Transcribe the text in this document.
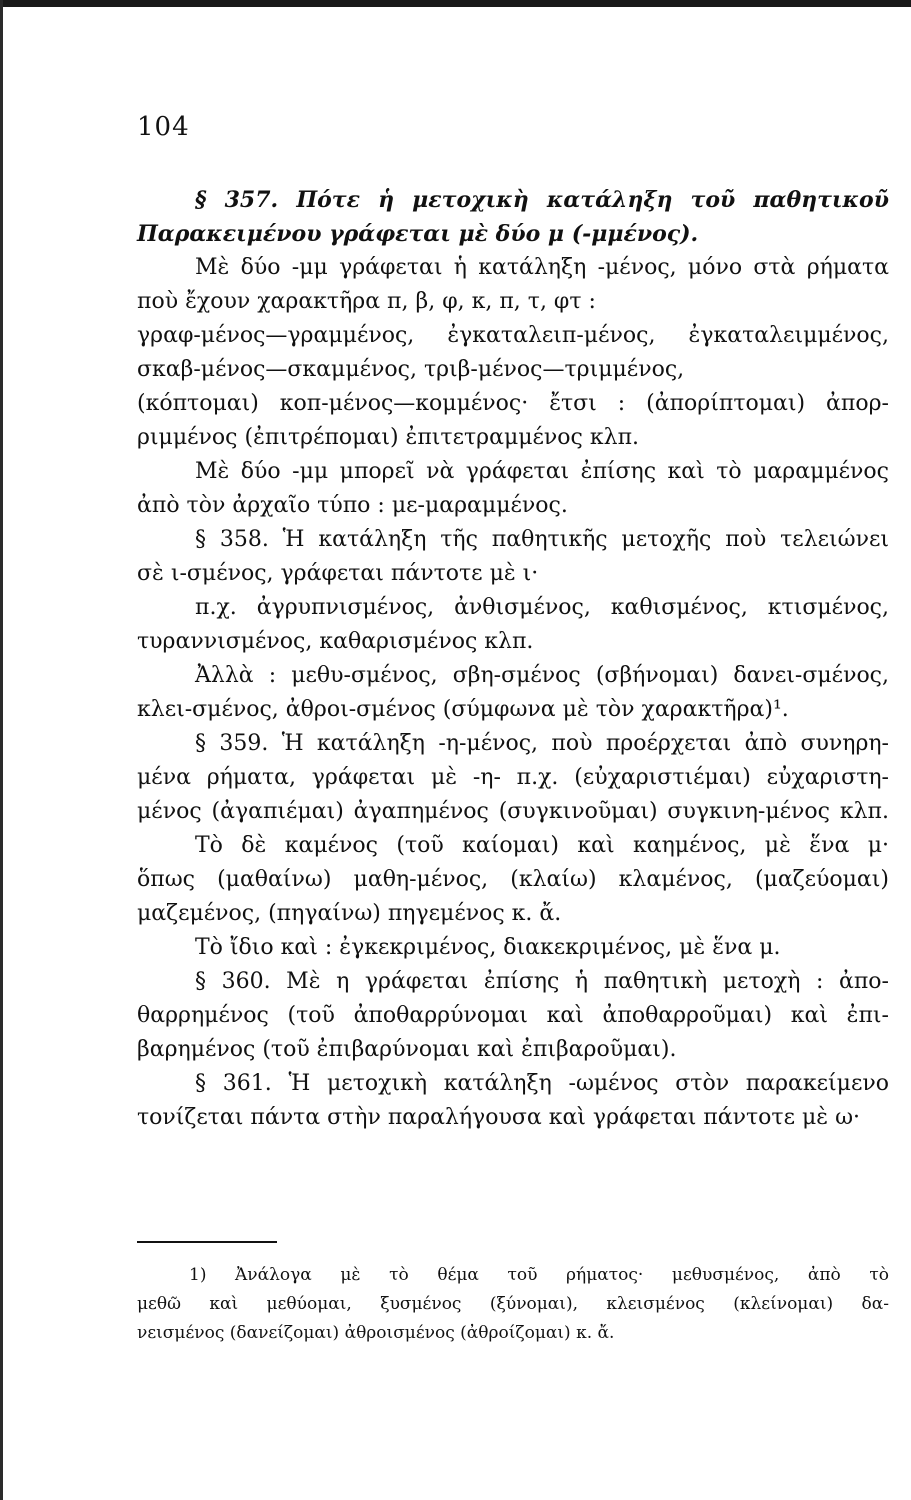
104
§ 357. Πότε ἡ μετοχικὴ κατάληξη τοῦ παθητικοῦ
Παρακειμένου γράφεται μὲ δύο μ (-μμένος).
Μὲ δύο -μμ γράφεται ἡ κατάληξη -μένος, μόνο στὰ ρήματα
ποὺ ἔχουν χαρακτῆρα π, β, φ, κ, π, τ, φτ :
γραφ-μένος—γραμμένος, ἐγκαταλειπ-μένος, ἐγκαταλειμμένος,
σκαβ-μένος—σκαμμένος, τριβ-μένος—τριμμένος,
(κόπτομαι) κοπ-μένος—κομμένος· ἔτσι : (ἀπορίπτομαι) ἀπορ-
ριμμένος (ἐπιτρέπομαι) ἐπιτετραμμένος κλπ.
Μὲ δύο -μμ μπορεῖ νὰ γράφεται ἐπίσης καὶ τὸ μαραμμένος
ἀπὸ τὸν ἀρχαῖο τύπο : με-μαραμμένος.
§ 358. Ἡ κατάληξη τῆς παθητικῆς μετοχῆς ποὺ τελειώνει
σὲ ι-σμένος, γράφεται πάντοτε μὲ ι·
π.χ. ἀγρυπνισμένος, ἀνθισμένος, καθισμένος, κτισμένος,
τυραννισμένος, καθαρισμένος κλπ.
Ἀλλὰ : μεθυ-σμένος, σβη-σμένος (σβήνομαι) δανει-σμένος,
κλει-σμένος, ἀθροι-σμένος (σύμφωνα μὲ τὸν χαρακτῆρα)¹.
§ 359. Ἡ κατάληξη -η-μένος, ποὺ προέρχεται ἀπὸ συνηρη-
μένα ρήματα, γράφεται μὲ -η- π.χ. (εὐχαριστιέμαι) εὐχαριστη-
μένος (ἀγαπιέμαι) ἀγαπημένος (συγκινοῦμαι) συγκινη-μένος κλπ.
Τὸ δὲ καμένος (τοῦ καίομαι) καὶ καημένος, μὲ ἕνα μ·
ὅπως (μαθαίνω) μαθη-μένος, (κλαίω) κλαμένος, (μαζεύομαι)
μαζεμένος, (πηγαίνω) πηγεμένος κ. ἄ.
Τὸ ἴδιο καὶ : ἐγκεκριμένος, διακεκριμένος, μὲ ἕνα μ.
§ 360. Μὲ η γράφεται ἐπίσης ἡ παθητικὴ μετοχὴ : ἀπο-
θαρρημένος (τοῦ ἀποθαρρύνομαι καὶ ἀποθαρροῦμαι) καὶ ἐπι-
βαρημένος (τοῦ ἐπιβαρύνομαι καὶ ἐπιβαροῦμαι).
§ 361. Ἡ μετοχικὴ κατάληξη -ωμένος στὸν παρακείμενο
τονίζεται πάντα στὴν παραλήγουσα καὶ γράφεται πάντοτε μὲ ω·
1) Ἀνάλογα μὲ τὸ θέμα τοῦ ρήματος· μεθυσμένος, ἀπὸ τὸ
μεθῶ καὶ μεθύομαι, ξυσμένος (ξύνομαι), κλεισμένος (κλείνομαι) δα-
νεισμένος (δανείζομαι) ἀθροισμένος (ἀθροίζομαι) κ. ἄ.
